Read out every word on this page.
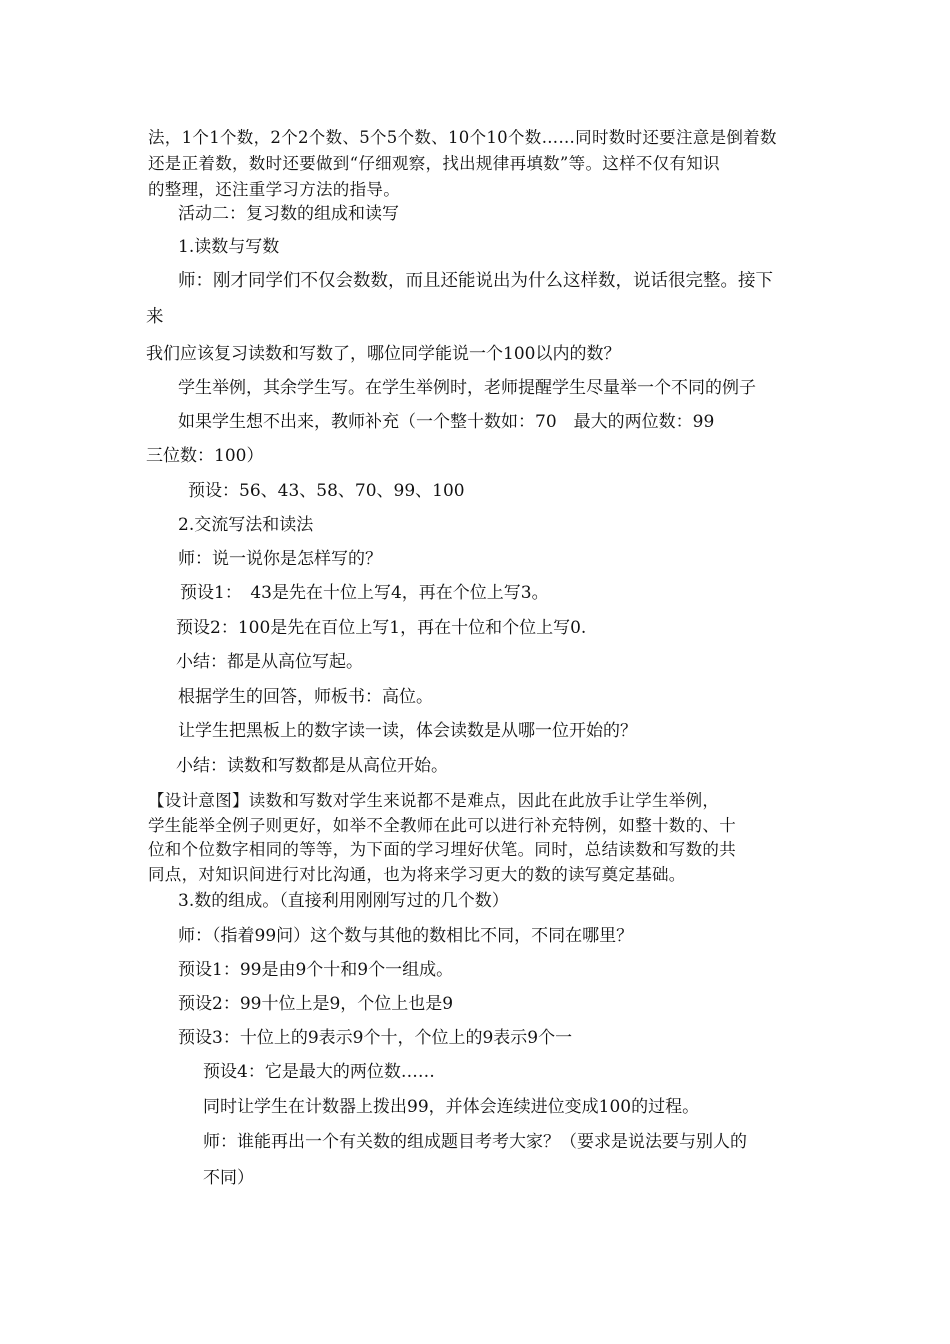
法，1个1个数，2个2个数、5个5个数、10个10个数……同时数时还要注意是倒着数
还是正着数，数时还要做到“仔细观察，找出规律再填数”等。这样不仅有知识
的整理，还注重学习方法的指导。
活动二：复习数的组成和读写
1.读数与写数
师：刚才同学们不仅会数数，而且还能说出为什么这样数，说话很完整。接下
来
我们应该复习读数和写数了，哪位同学能说一个100以内的数？
学生举例，其余学生写。在学生举例时，老师提醒学生尽量举一个不同的例子
如果学生想不出来，教师补充（一个整十数如：70　最大的两位数：99
三位数：100）
预设：56、43、58、70、99、100
2.交流写法和读法
师：说一说你是怎样写的？
预设1：　43是先在十位上写4，再在个位上写3。
预设2：100是先在百位上写1，再在十位和个位上写0.
小结：都是从高位写起。
根据学生的回答，师板书：高位。
让学生把黑板上的数字读一读，体会读数是从哪一位开始的？
小结：读数和写数都是从高位开始。
【设计意图】读数和写数对学生来说都不是难点，因此在此放手让学生举例，
学生能举全例子则更好，如举不全教师在此可以进行补充特例，如整十数的、十
位和个位数字相同的等等，为下面的学习埋好伏笔。同时，总结读数和写数的共
同点，对知识间进行对比沟通，也为将来学习更大的数的读写奠定基础。
3.数的组成。（直接利用刚刚写过的几个数）
师：（指着99问）这个数与其他的数相比不同，不同在哪里？
预设1：99是由9个十和9个一组成。
预设2：99十位上是9，个位上也是9
预设3：十位上的9表示9个十，个位上的9表示9个一
预设4：它是最大的两位数……
同时让学生在计数器上拨出99，并体会连续进位变成100的过程。
师：谁能再出一个有关数的组成题目考考大家？（要求是说法要与别人的
不同）
